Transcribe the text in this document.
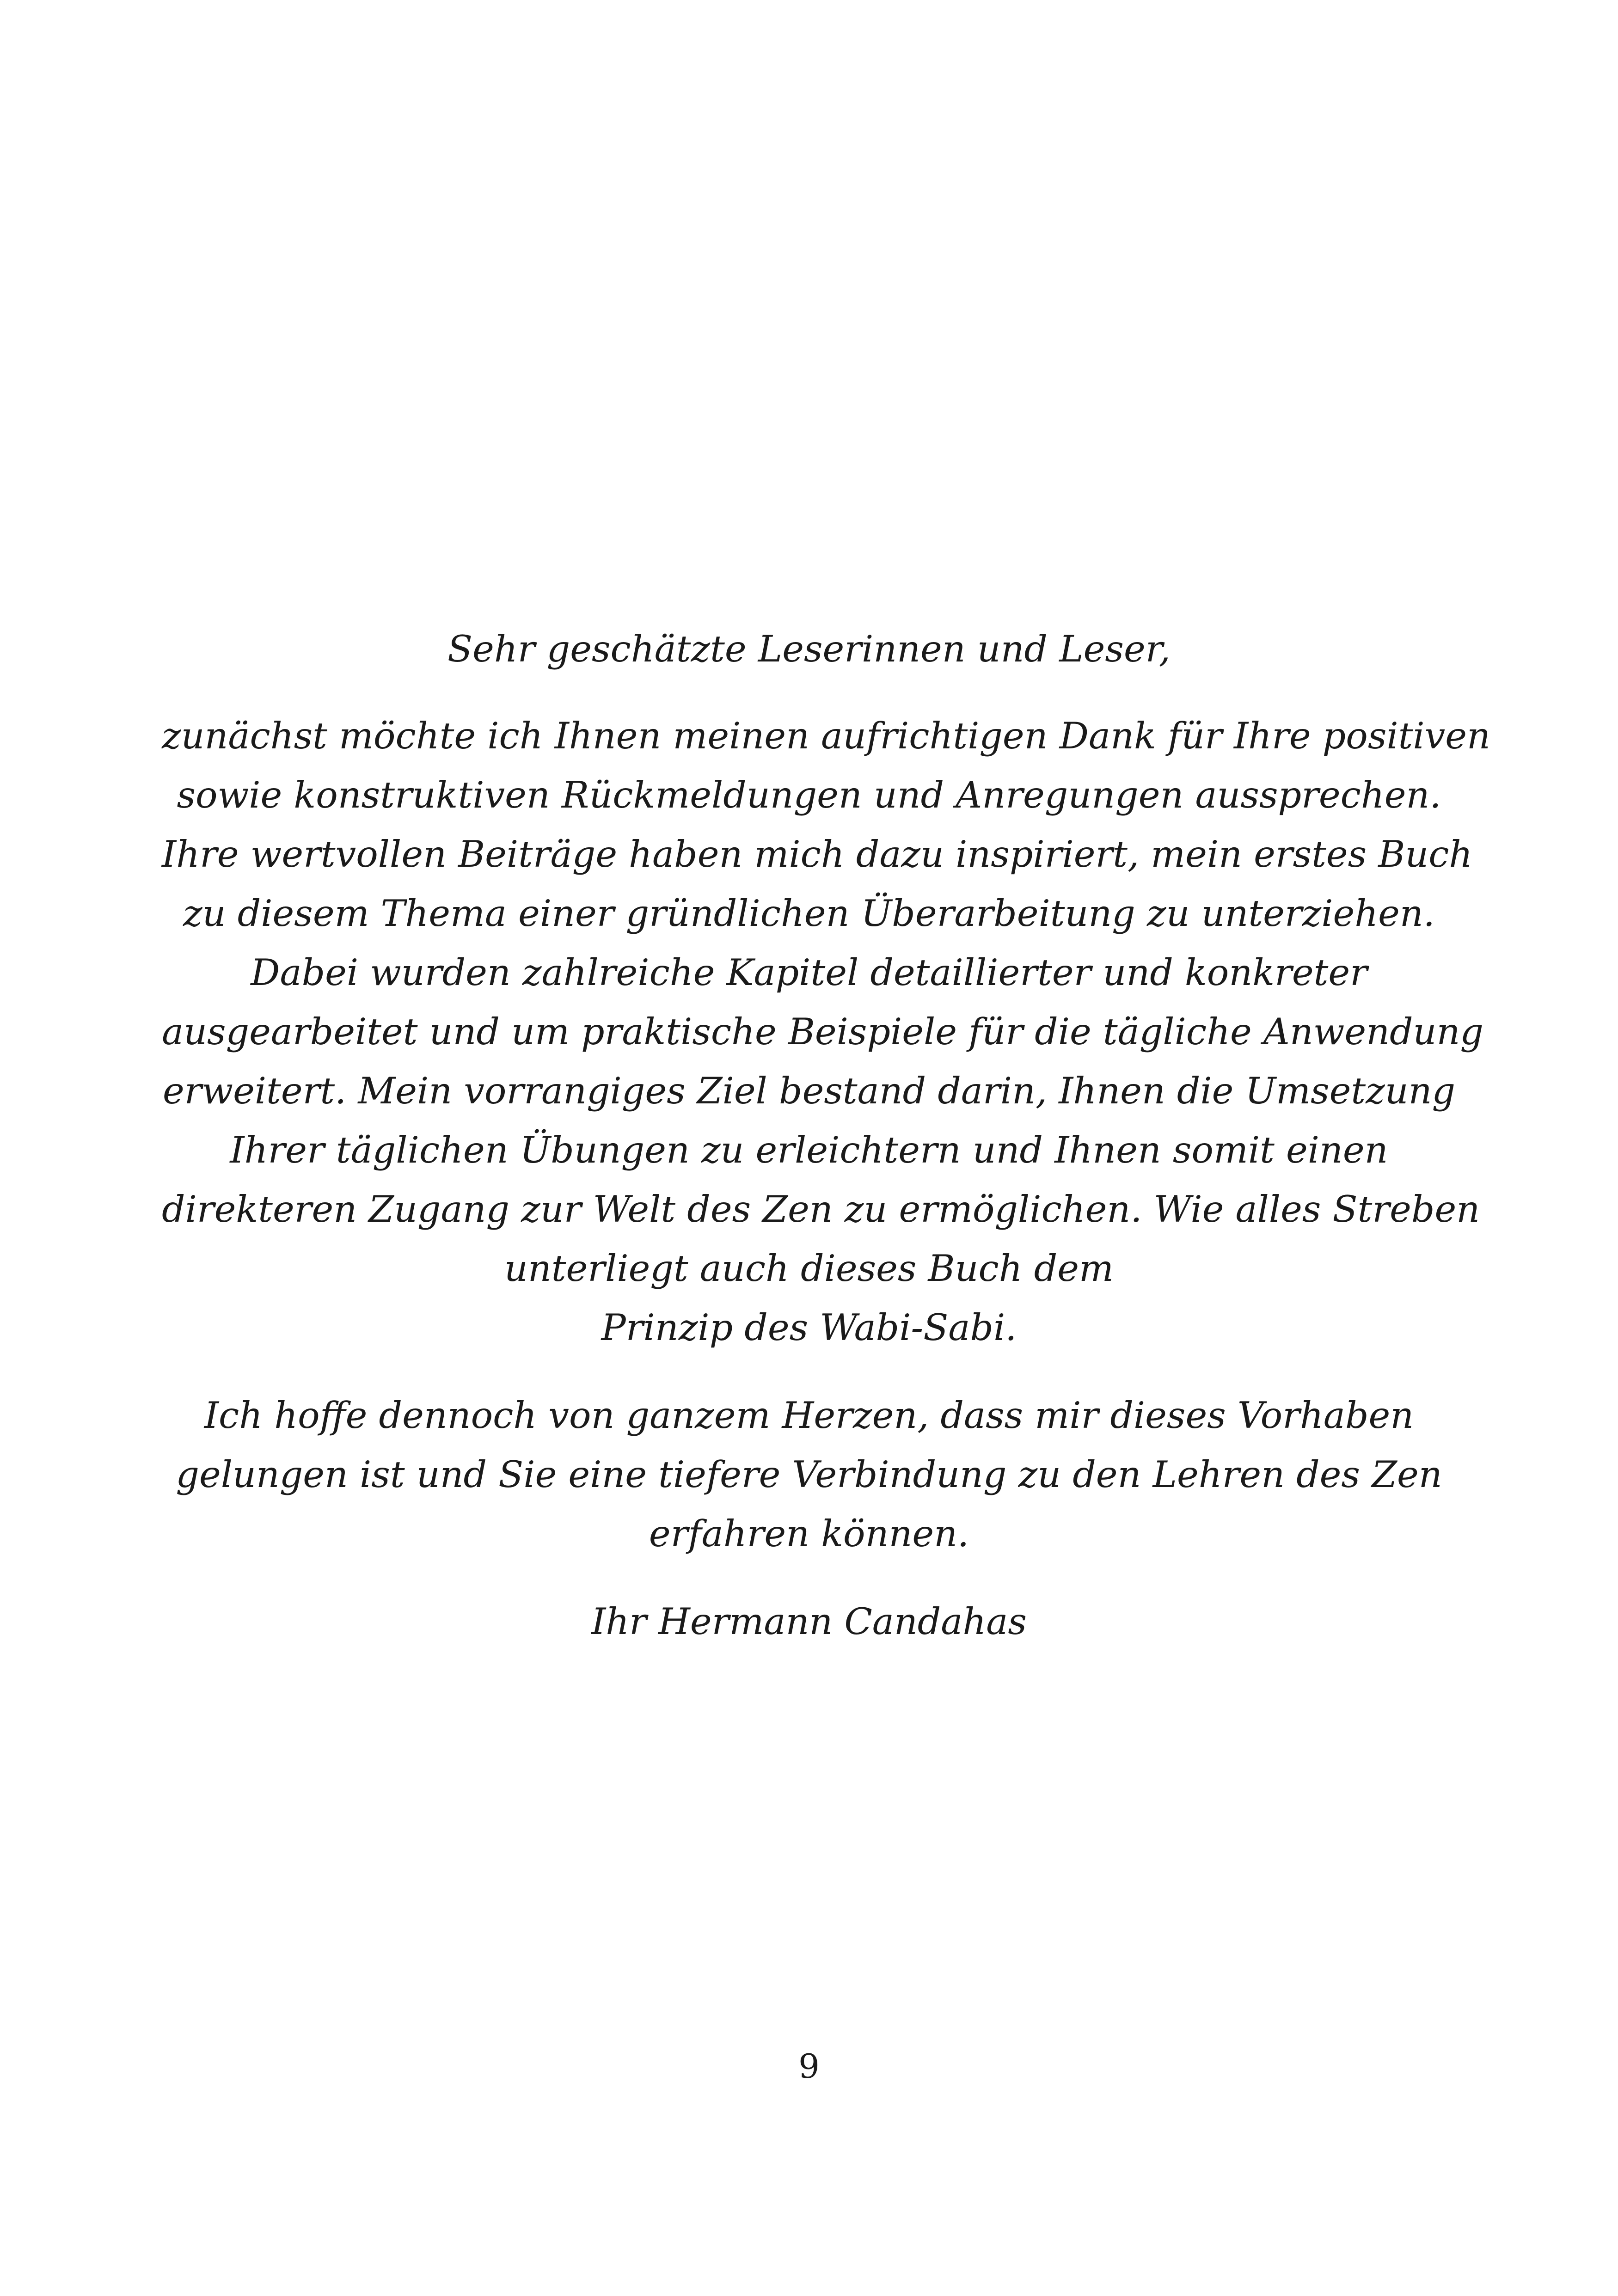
Sehr geschätzte Leserinnen und Leser,

zunächst möchte ich Ihnen meinen aufrichtigen Dank für Ihre positiven
sowie konstruktiven Rückmeldungen und Anregungen aussprechen.
Ihre wertvollen Beiträge haben mich dazu inspiriert, mein erstes Buch
zu diesem Thema einer gründlichen Überarbeitung zu unterziehen.
Dabei wurden zahlreiche Kapitel detaillierter und konkreter
ausgearbeitet und um praktische Beispiele für die tägliche Anwendung
erweitert. Mein vorrangiges Ziel bestand darin, Ihnen die Umsetzung
Ihrer täglichen Übungen zu erleichtern und Ihnen somit einen
direkteren Zugang zur Welt des Zen zu ermöglichen. Wie alles Streben
unterliegt auch dieses Buch dem
Prinzip des Wabi-Sabi.

Ich hoffe dennoch von ganzem Herzen, dass mir dieses Vorhaben
gelungen ist und Sie eine tiefere Verbindung zu den Lehren des Zen
erfahren können.

Ihr Hermann Candahas

9
